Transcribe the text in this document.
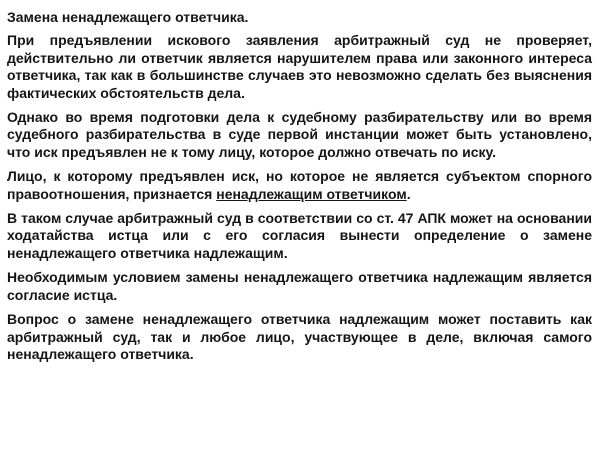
Замена ненадлежащего ответчика.

При предъявлении искового заявления арбитражный суд не проверяет, действительно ли ответчик является нарушителем права или законного интереса ответчика, так как в большинстве случаев это невозможно сделать без выяснения фактических обстоятельств дела.

Однако во время подготовки дела к судебному разбирательству или во время судебного разбирательства в суде первой инстанции может быть установлено, что иск предъявлен не к тому лицу, которое должно отвечать по иску.

Лицо, к которому предъявлен иск, но которое не является субъектом спорного правоотношения, признается ненадлежащим ответчиком.

В таком случае арбитражный суд в соответствии со ст. 47 АПК может на основании ходатайства истца или с его согласия вынести определение о замене ненадлежащего ответчика надлежащим.

Необходимым условием замены ненадлежащего ответчика надлежащим является согласие истца.

Вопрос о замене ненадлежащего ответчика надлежащим может поставить как арбитражный суд, так и любое лицо, участвующее в деле, включая самого ненадлежащего ответчика.
